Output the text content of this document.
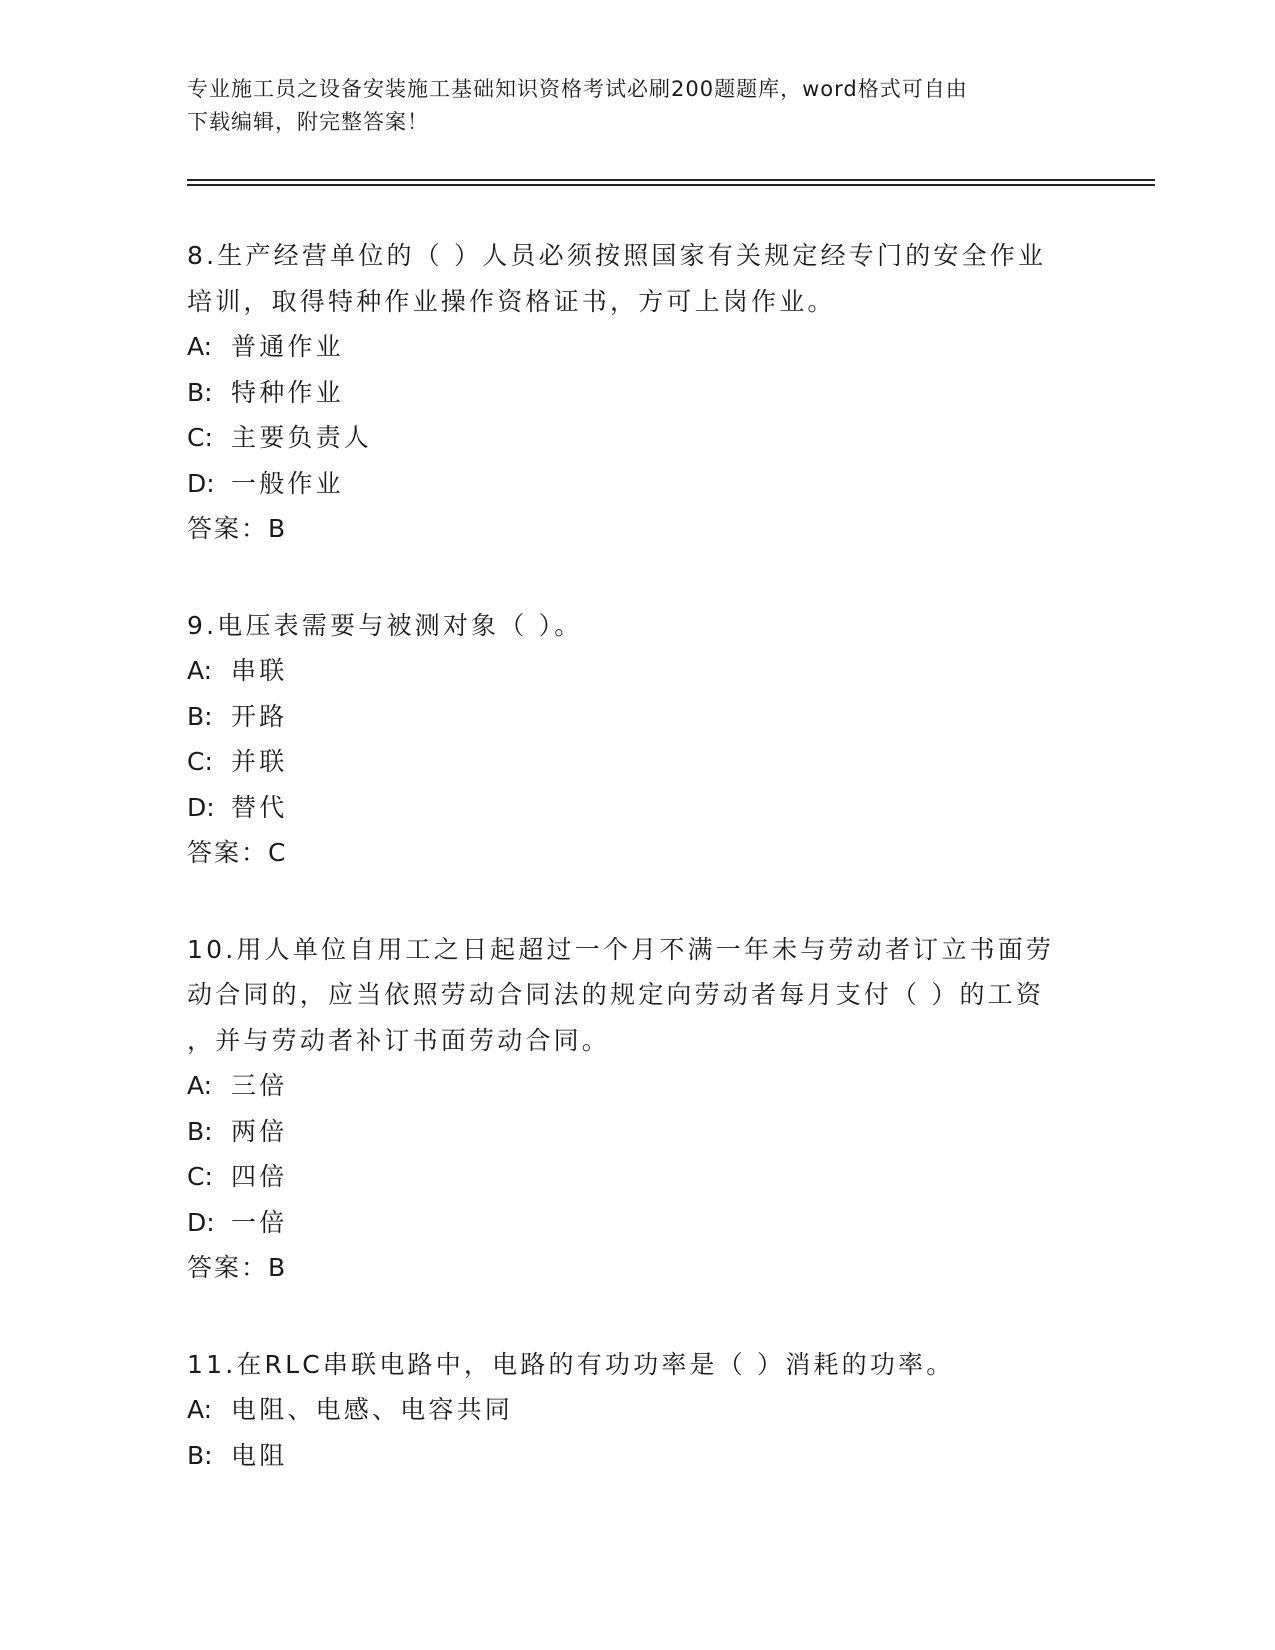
专业施工员之设备安装施工基础知识资格考试必刷200题题库，word格式可自由
下载编辑，附完整答案！
8.生产经营单位的（ ）人员必须按照国家有关规定经专门的安全作业
培训，取得特种作业操作资格证书，方可上岗作业。
A: 普通作业
B: 特种作业
C: 主要负责人
D: 一般作业
答案：B
9.电压表需要与被测对象（ ）。
A: 串联
B: 开路
C: 并联
D: 替代
答案：C
10.用人单位自用工之日起超过一个月不满一年未与劳动者订立书面劳
动合同的，应当依照劳动合同法的规定向劳动者每月支付（ ）的工资
，并与劳动者补订书面劳动合同。
A: 三倍
B: 两倍
C: 四倍
D: 一倍
答案：B
11.在RLC串联电路中，电路的有功功率是（ ）消耗的功率。
A: 电阻、电感、电容共同
B: 电阻
